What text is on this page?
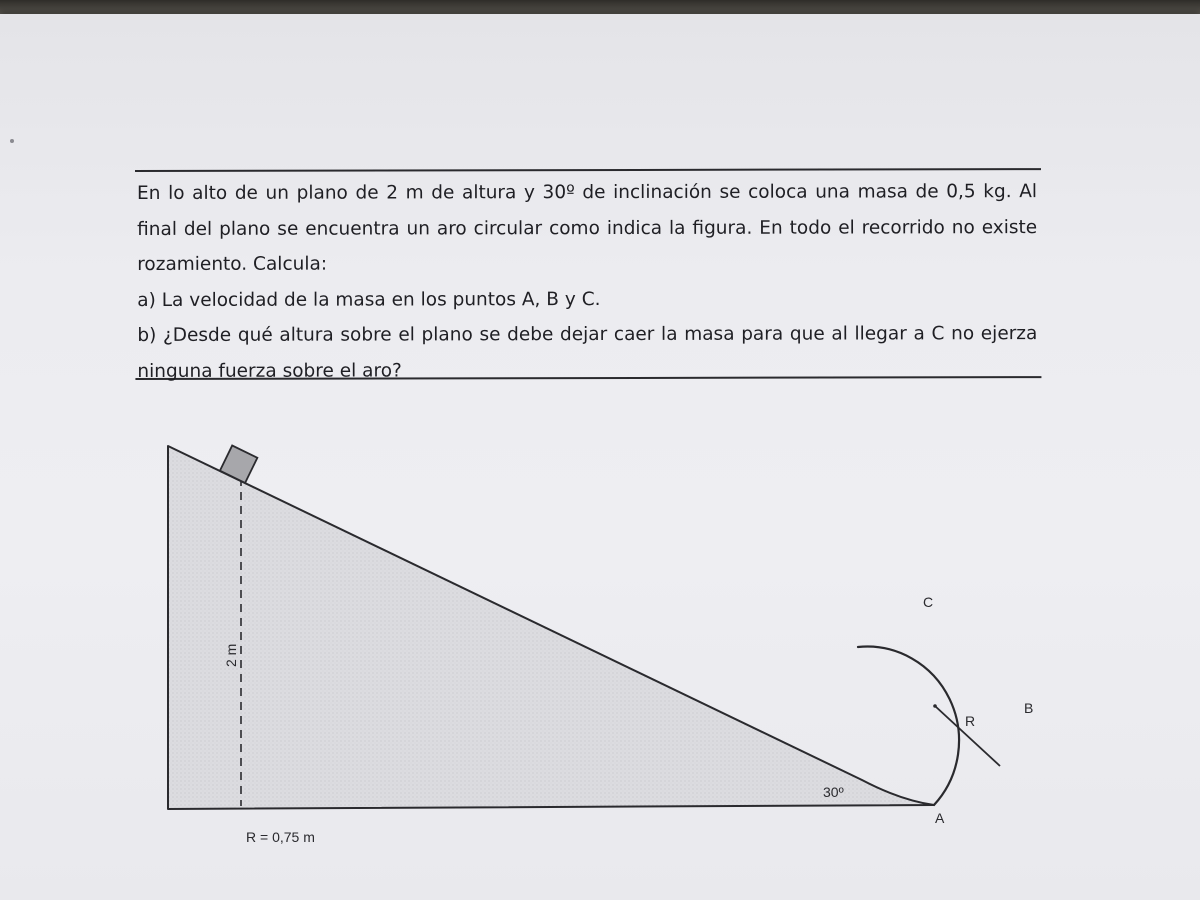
En lo alto de un plano de 2 m de altura y 30º de inclinación se coloca una masa de 0,5 kg. Al
final del plano se encuentra un aro circular como indica la figura. En todo el recorrido no existe
rozamiento. Calcula:
a) La velocidad de la masa en los puntos A, B y C.
b) ¿Desde qué altura sobre el plano se debe dejar caer la masa para que al llegar a C no ejerza
ninguna fuerza sobre el aro?
2 m
30º
R
A
B
C
R = 0,75 m
